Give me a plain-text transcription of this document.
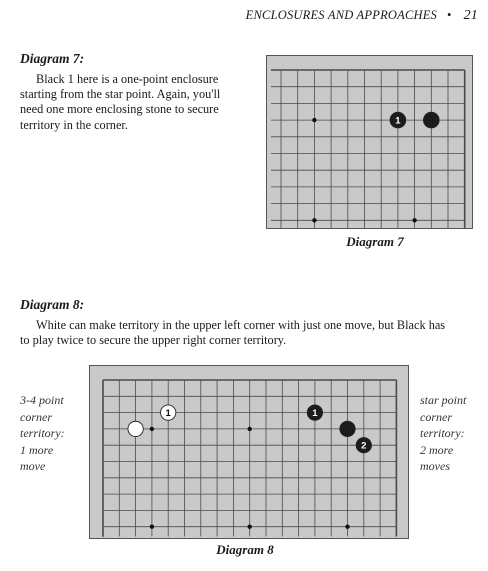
ENCLOSURES AND APPROACHES • 21
Diagram 7:
Black 1 here is a one-point enclosure
starting from the star point. Again, you'll
need one more enclosing stone to secure
territory in the corner.	1
Diagram 7
Diagram 8:
White can make territory in the upper left corner with just one move, but Black has
to play twice to secure the upper right corner territory.
3-4 point
corner
territory:
1 more
move
1	1
2
star point
corner
territory:
2 more
moves
Diagram 8
